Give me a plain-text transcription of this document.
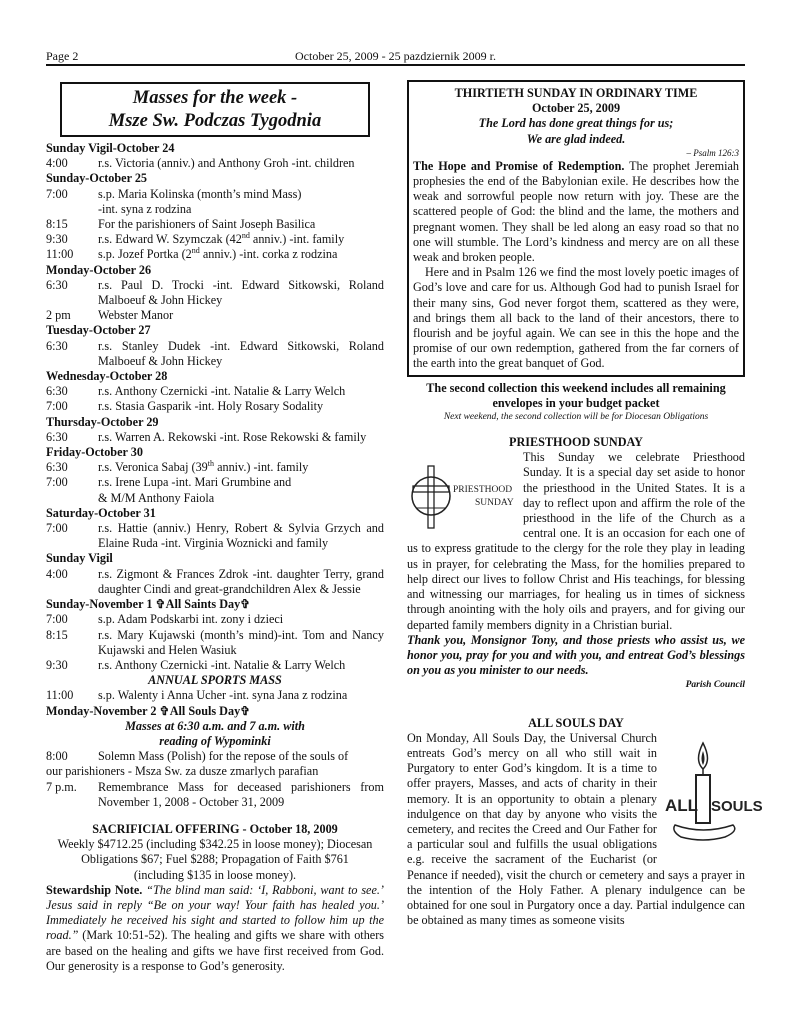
Page 2	October 25, 2009 - 25 pazdziernik 2009 r.
Masses for the week -
Msze Sw. Podczas Tygodnia
Sunday Vigil-October 24
4:00	r.s. Victoria (anniv.) and Anthony Groh -int. children
Sunday-October 25
7:00	s.p. Maria Kolinska (month’s mind Mass)
-int. syna z rodzina
8:15	For the parishioners of Saint Joseph Basilica
9:30	r.s. Edward W. Szymczak (42nd anniv.) -int. family
11:00	s.p. Jozef Portka (2nd anniv.) -int. corka z rodzina
Monday-October 26
6:30	r.s. Paul D. Trocki -int. Edward Sitkowski, Roland Malboeuf & John Hickey
2 pm	Webster Manor
Tuesday-October 27
6:30	r.s. Stanley Dudek -int. Edward Sitkowski, Roland Malboeuf & John Hickey
Wednesday-October 28
6:30	r.s. Anthony Czernicki -int. Natalie & Larry Welch
7:00	r.s. Stasia Gasparik -int. Holy Rosary Sodality
Thursday-October 29
6:30	r.s. Warren A. Rekowski -int. Rose Rekowski & family
Friday-October 30
6:30	r.s. Veronica Sabaj (39th anniv.) -int. family
7:00	r.s. Irene Lupa -int. Mari Grumbine and
& M/M Anthony Faiola
Saturday-October 31
7:00	r.s. Hattie (anniv.) Henry, Robert & Sylvia Grzych and Elaine Ruda -int. Virginia Woznicki and family
Sunday Vigil
4:00	r.s. Zigmont & Frances Zdrok -int. daughter Terry, grand daughter Cindi and great-grandchildren Alex & Jessie
Sunday-November 1 ✞All Saints Day✞
7:00	s.p. Adam Podskarbi int. zony i dzieci
8:15	r.s. Mary Kujawski (month’s mind)-int. Tom and Nancy Kujawski and Helen Wasiuk
9:30	r.s. Anthony Czernicki -int. Natalie & Larry Welch
ANNUAL SPORTS MASS
11:00	s.p. Walenty i Anna Ucher -int. syna Jana z rodzina
Monday-November 2 ✞All Souls Day✞
Masses at 6:30 a.m. and 7 a.m. with
reading of Wypominki
8:00	Solemn Mass (Polish) for the repose of the souls of
our parishioners - Msza Sw. za dusze zmarlych parafian
7 p.m.	Remembrance Mass for deceased parishioners from November 1, 2008 - October 31, 2009
SACRIFICIAL OFFERING - October 18, 2009
Weekly $4712.25 (including $342.25 in loose money); Diocesan
Obligations $67; Fuel $288; Propagation of Faith $761
(including $135 in loose money).
Stewardship Note. “The blind man said: ‘I, Rabboni, want to see.’ Jesus said in reply “Be on your way! Your faith has healed you.’ Immediately he received his sight and started to follow him up the road.” (Mark 10:51-52). The healing and gifts we share with others are based on the healing and gifts we have first received from God. Our generosity is a response to God’s generosity.
THIRTIETH SUNDAY IN ORDINARY TIME
October 25, 2009
The Lord has done great things for us;
We are glad indeed.
– Psalm 126:3
The Hope and Promise of Redemption. The prophet Jeremiah prophesies the end of the Babylonian exile. He describes how the weak and sorrowful people now return with joy. These are the scattered people of God: the blind and the lame, the mothers and pregnant women. They shall be led along an easy road so that no one will stumble. The Lord’s kindness and mercy are on all these weak and broken people.
Here and in Psalm 126 we find the most lovely poetic images of God’s love and care for us. Although God had to punish Israel for their many sins, God never forgot them, scattered as they were, and brings them all back to the land of their ancestors, there to flourish and be joyful again. We can see in this the hope and the promise of our own redemption, gathered from the far corners of the earth into the great banquet of God.
The second collection this weekend includes all remaining
envelopes in your budget packet
Next weekend, the second collection will be for Diocesan Obligations
PRIESTHOOD SUNDAY
PRIESTHOOD
SUNDAY
This Sunday we celebrate Priesthood Sunday. It is a special day set aside to honor the priesthood in the United States. It is a day to reflect upon and affirm the role of the priesthood in the life of the Church as a central one. It is an occasion for each one of us to express gratitude to the clergy for the role they play in leading us in prayer, for celebrating the Mass, for the homilies prepared to help direct our lives to follow Christ and His teachings, for blessing and witnessing our marriages, for healing us in times of sickness through anointing with the holy oils and prayers, and for giving our departed family members dignity in a Christian burial.
Thank you, Monsignor Tony, and those priests who assist us, we honor you, pray for you and with you, and entreat God’s blessings on you as you minister to our needs.
Parish Council
ALL SOULS DAY
ALL SOULS
On Monday, All Souls Day, the Universal Church entreats God’s mercy on all who still wait in Purgatory to enter God’s kingdom. It is a time to offer prayers, Masses, and acts of charity in their memory. It is an opportunity to obtain a plenary indulgence on that day by anyone who visits the cemetery, and recites the Creed and Our Father for a particular soul and fulfills the usual obligations e.g. receive the sacrament of the Eucharist (or Penance if needed), visit the church or cemetery and says a prayer in the intention of the Holy Father. A plenary indulgence can be obtained for one soul in Purgatory once a day. Partial indulgence can be obtained as many times as someone visits
